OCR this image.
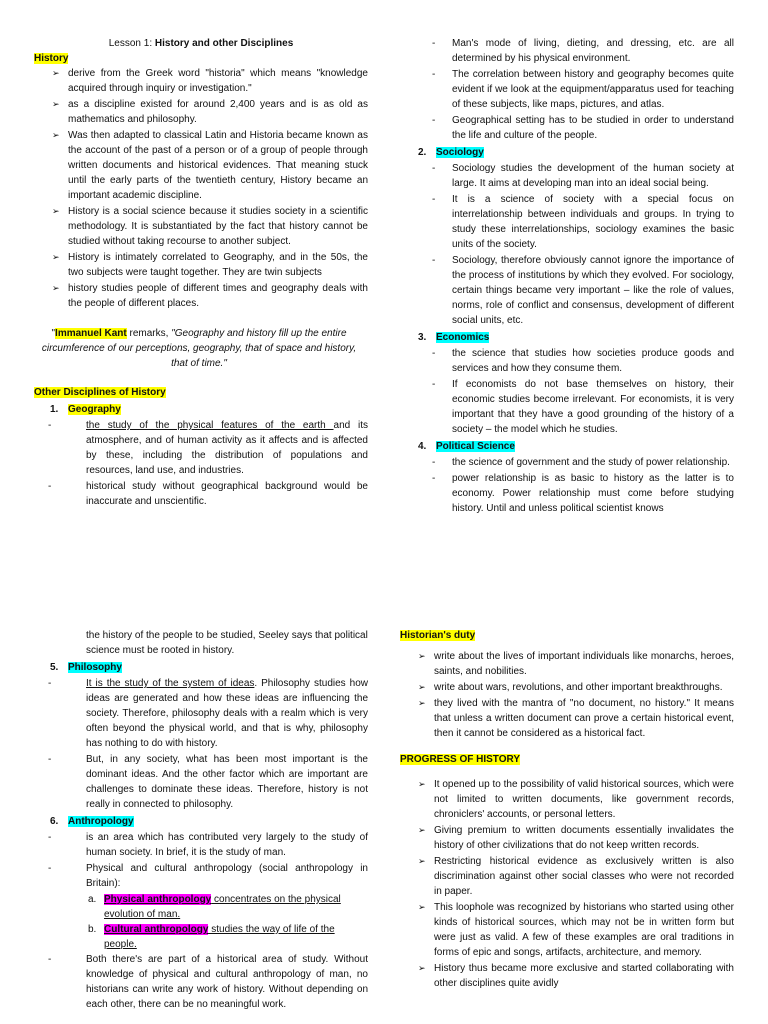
Lesson 1: History and other Disciplines

History

➢ derive from the Greek word "historia" which means "knowledge acquired through inquiry or investigation."

➢ as a discipline existed for around 2,400 years and is as old as mathematics and philosophy.

➢ Was then adapted to classical Latin and Historia became known as the account of the past of a person or of a group of people through written documents and historical evidences. That meaning stuck until the early parts of the twentieth century, History became an important academic discipline.

➢ History is a social science because it studies society in a scientific methodology. It is substantiated by the fact that history cannot be studied without taking recourse to another subject.

➢ History is intimately correlated to Geography, and in the 50s, the two subjects were taught together. They are twin subjects

➢ history studies people of different times and geography deals with the people of different places.

"Immanuel Kant remarks, "Geography and history fill up the entire circumference of our perceptions, geography, that of space and history, that of time."

Other Disciplines of History

1. Geography

- the study of the physical features of the earth and its atmosphere, and of human activity as it affects and is affected by these, including the distribution of populations and resources, land use, and industries.

- historical study without geographical background would be inaccurate and unscientific.

- Man's mode of living, dieting, and dressing, etc. are all determined by his physical environment.

- The correlation between history and geography becomes quite evident if we look at the equipment/apparatus used for teaching of these subjects, like maps, pictures, and atlas.

- Geographical setting has to be studied in order to understand the life and culture of the people.

2. Sociology

- Sociology studies the development of the human society at large. It aims at developing man into an ideal social being.

- It is a science of society with a special focus on interrelationship between individuals and groups. In trying to study these interrelationships, sociology examines the basic units of the society.

- Sociology, therefore obviously cannot ignore the importance of the process of institutions by which they evolved. For sociology, certain things became very important – like the role of values, norms, role of conflict and consensus, development of different social units, etc.

3. Economics

- the science that studies how societies produce goods and services and how they consume them.

- If economists do not base themselves on history, their economic studies become irrelevant. For economists, it is very important that they have a good grounding of the history of a society – the model which he studies.

4. Political Science

- the science of government and the study of power relationship.

- power relationship is as basic to history as the latter is to economy. Power relationship must come before studying history. Until and unless political scientist knows

the history of the people to be studied, Seeley says that political science must be rooted in history.

5. Philosophy

- It is the study of the system of ideas. Philosophy studies how ideas are generated and how these ideas are influencing the society. Therefore, philosophy deals with a realm which is very often beyond the physical world, and that is why, philosophy has nothing to do with history.

- But, in any society, what has been most important is the dominant ideas. And the other factor which are important are challenges to dominate these ideas. Therefore, history is not really in connected to philosophy.

6. Anthropology

- is an area which has contributed very largely to the study of human society. In brief, it is the study of man.

- Physical and cultural anthropology (social anthropology in Britain):

a. Physical anthropology concentrates on the physical evolution of man.

b. Cultural anthropology studies the way of life of the people.

- Both there's are part of a historical area of study. Without knowledge of physical and cultural anthropology of man, no historians can write any work of history. Without depending on each other, there can be no meaningful work.

Historian's duty

➢ write about the lives of important individuals like monarchs, heroes, saints, and nobilities.

➢ write about wars, revolutions, and other important breakthroughs.

➢ they lived with the mantra of "no document, no history." It means that unless a written document can prove a certain historical event, then it cannot be considered as a historical fact.

PROGRESS OF HISTORY

➢ It opened up to the possibility of valid historical sources, which were not limited to written documents, like government records, chroniclers' accounts, or personal letters.

➢ Giving premium to written documents essentially invalidates the history of other civilizations that do not keep written records.

➢ Restricting historical evidence as exclusively written is also discrimination against other social classes who were not recorded in paper.

➢ This loophole was recognized by historians who started using other kinds of historical sources, which may not be in written form but were just as valid. A few of these examples are oral traditions in forms of epic and songs, artifacts, architecture, and memory.

➢ History thus became more exclusive and started collaborating with other disciplines quite avidly
